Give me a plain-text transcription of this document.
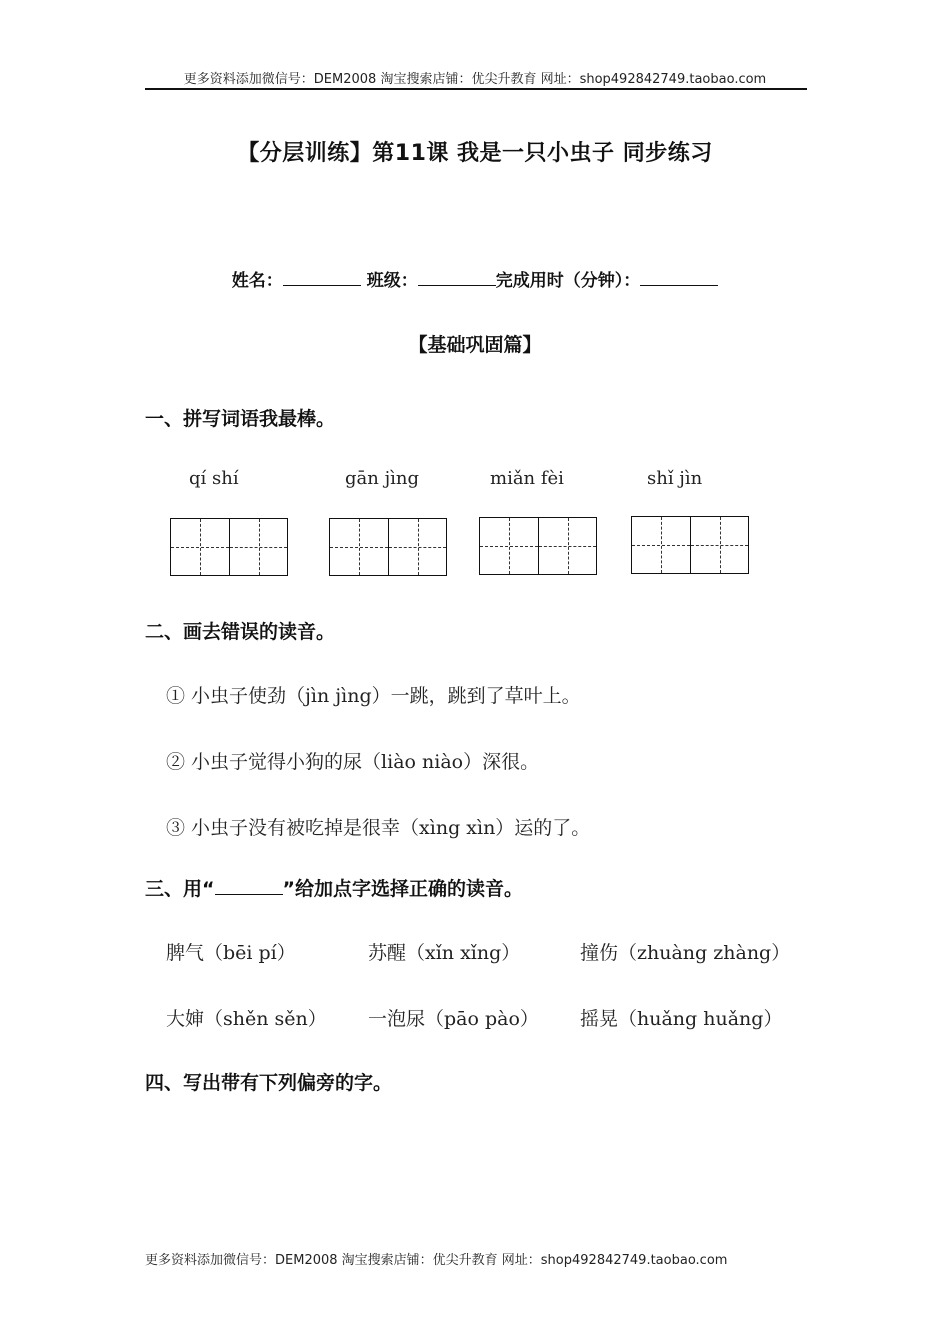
更多资料添加微信号：DEM2008 淘宝搜索店铺：优尖升教育 网址：shop492842749.taobao.com
【分层训练】第11课 我是一只小虫子 同步练习
姓名：	班级：	完成用时（分钟）：
【基础巩固篇】
一、拼写词语我最棒。
qí shí	gān jìng	miǎn fèi	shǐ jìn
二、画去错误的读音。
① 小虫子使劲（jìn jìng）一跳，跳到了草叶上。
② 小虫子觉得小狗的尿（liào niào）深很。
③ 小虫子没有被吃掉是很幸（xìng xìn）运的了。
三、用“	”给加点字选择正确的读音。
脾气（bēi pí）	苏醒（xǐn xǐng）	撞伤（zhuàng zhàng）
大婶（shěn sěn） 一泡尿（pāo pào） 摇晃（huǎng huǎng）
四、写出带有下列偏旁的字。
更多资料添加微信号：DEM2008 淘宝搜索店铺：优尖升教育 网址：shop492842749.taobao.com
